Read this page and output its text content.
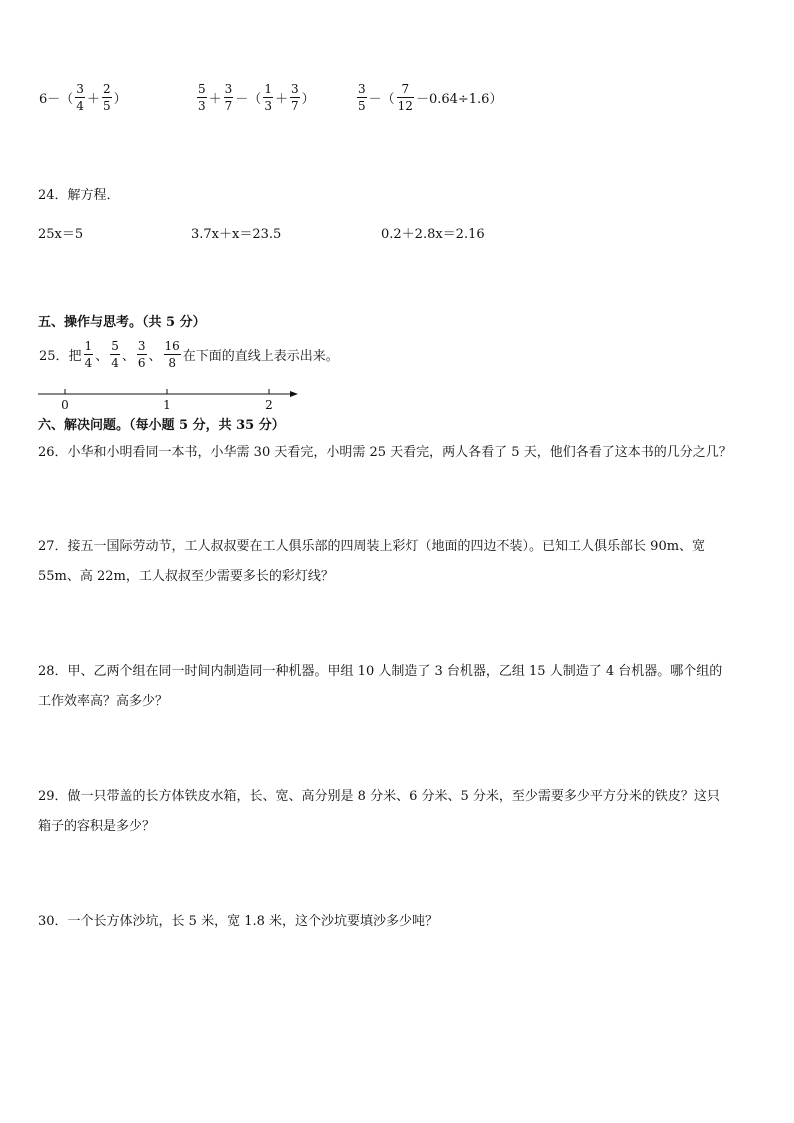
$6-( \frac{3}{4} + \frac{2}{5}$ ）	$\frac{5}{3} + \frac{3}{7}$ －（ $\frac{1}{3} + \frac{3}{7}$ ）	$\frac{3}{5}$ －（ $\frac{7}{12} -0.64\div 1.6$）
24．解方程．
25x＝5	3.7x＋x＝23.5	0.2＋2.8x＝2.16
五、操作与思考。（共 5 分）
25．把 $\frac{1}{4}$ 、 $\frac{5}{4}$ 、 $\frac{3}{6}$ 、 $\frac{16}{8}$ 在下面的直线上表示出来。
0	1	2
六、解决问题。（每小题 5 分，共 35 分）
26．小华和小明看同一本书，小华需 30 天看完，小明需 25 天看完，两人各看了 5 天，他们各看了这本书的几分之几？
27．接五一国际劳动节，工人叔叔要在工人俱乐部的四周装上彩灯（地面的四边不装）。已知工人俱乐部长 90m、宽
55m、高 22m，工人叔叔至少需要多长的彩灯线？
28．甲、乙两个组在同一时间内制造同一种机器。甲组 10 人制造了 3 台机器，乙组 15 人制造了 4 台机器。哪个组的
工作效率高？高多少？
29．做一只带盖的长方体铁皮水箱，长、宽、高分别是 8 分米、6 分米、5 分米，至少需要多少平方分米的铁皮？这只
箱子的容积是多少？
30．一个长方体沙坑，长 5 米，宽 1.8 米，这个沙坑要填沙多少吨？
